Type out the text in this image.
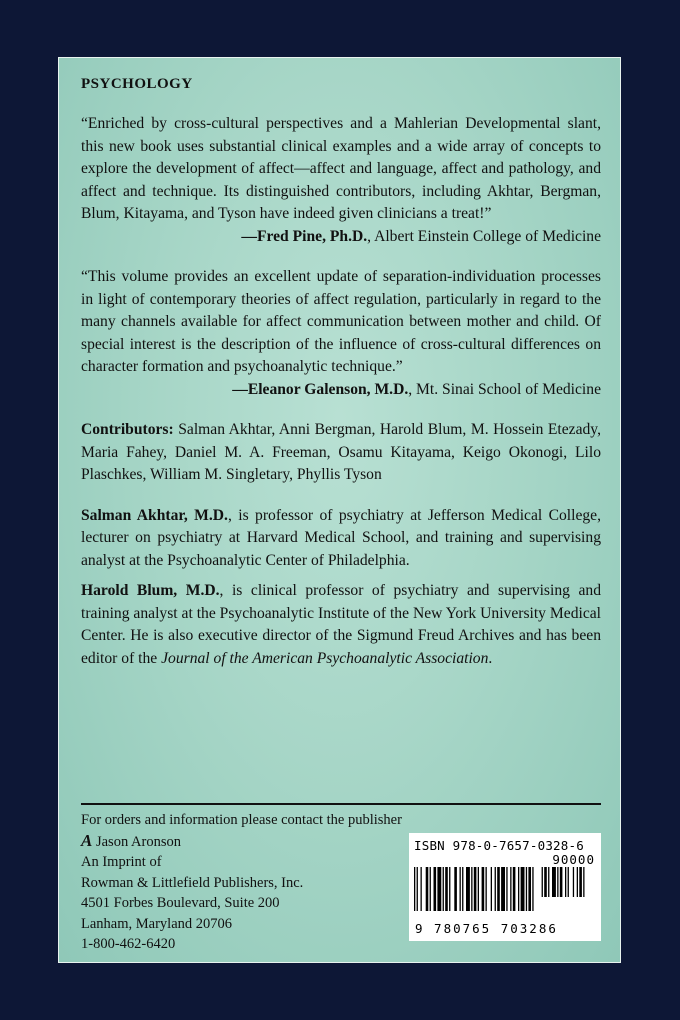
PSYCHOLOGY

“Enriched by cross-cultural perspectives and a Mahlerian Developmental slant, this new book uses substantial clinical examples and a wide array of concepts to explore the development of affect—affect and language, affect and pathology, and affect and technique. Its distinguished contributors, including Akhtar, Bergman, Blum, Kitayama, and Tyson have indeed given clinicians a treat!”

—Fred Pine, Ph.D., Albert Einstein College of Medicine

“This volume provides an excellent update of separation-individuation processes in light of contemporary theories of affect regulation, particularly in regard to the many channels available for affect communication between mother and child. Of special interest is the description of the influence of cross-cultural differences on character formation and psychoanalytic technique.”

—Eleanor Galenson, M.D., Mt. Sinai School of Medicine

Contributors: Salman Akhtar, Anni Bergman, Harold Blum, M. Hossein Etezady, Maria Fahey, Daniel M. A. Freeman, Osamu Kitayama, Keigo Okonogi, Lilo Plaschkes, William M. Singletary, Phyllis Tyson

Salman Akhtar, M.D., is professor of psychiatry at Jefferson Medical College, lecturer on psychiatry at Harvard Medical School, and training and supervising analyst at the Psychoanalytic Center of Philadelphia.

Harold Blum, M.D., is clinical professor of psychiatry and supervising and training analyst at the Psychoanalytic Institute of the New York University Medical Center. He is also executive director of the Sigmund Freud Archives and has been editor of the Journal of the American Psychoanalytic Association.

For orders and information please contact the publisher
A Jason Aronson
An Imprint of
Rowman & Littlefield Publishers, Inc.
4501 Forbes Boulevard, Suite 200
Lanham, Maryland 20706
1-800-462-6420
ISBN 978-0-7657-0328-6
90000
9 780765 703286
